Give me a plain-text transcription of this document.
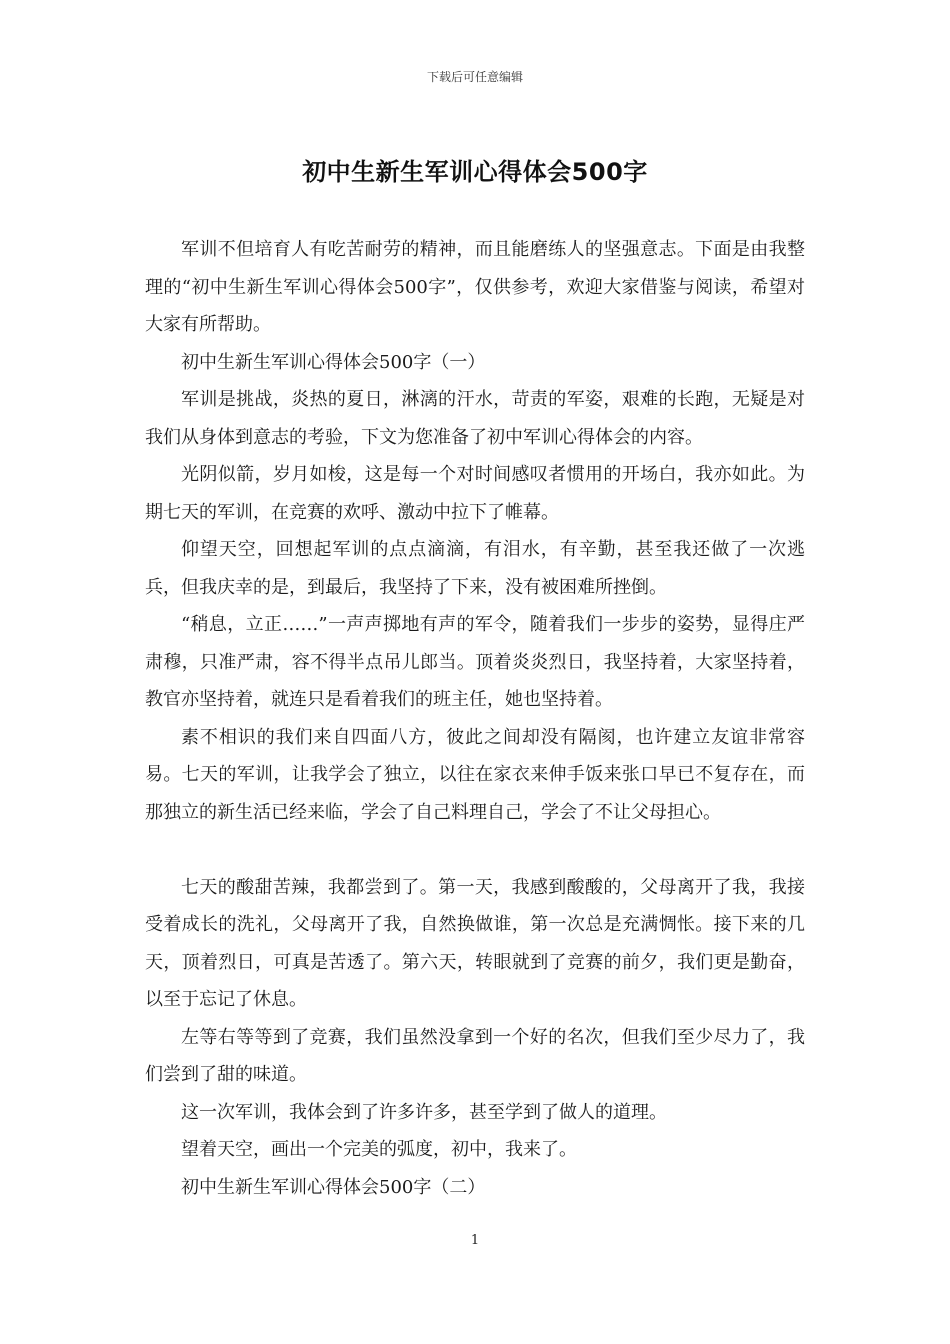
下载后可任意编辑
初中生新生军训心得体会500字

军训不但培育人有吃苦耐劳的精神，而且能磨练人的坚强意志。下面是由我整理的“初中生新生军训心得体会500字”，仅供参考，欢迎大家借鉴与阅读，希望对大家有所帮助。

初中生新生军训心得体会500字（一）

军训是挑战，炎热的夏日，淋漓的汗水，苛责的军姿，艰难的长跑，无疑是对我们从身体到意志的考验，下文为您准备了初中军训心得体会的内容。

光阴似箭，岁月如梭，这是每一个对时间感叹者惯用的开场白，我亦如此。为期七天的军训，在竞赛的欢呼、激动中拉下了帷幕。

仰望天空，回想起军训的点点滴滴，有泪水，有辛勤，甚至我还做了一次逃兵，但我庆幸的是，到最后，我坚持了下来，没有被困难所挫倒。

“稍息，立正……”一声声掷地有声的军令，随着我们一步步的姿势，显得庄严肃穆，只准严肃，容不得半点吊儿郎当。顶着炎炎烈日，我坚持着，大家坚持着，教官亦坚持着，就连只是看着我们的班主任，她也坚持着。

素不相识的我们来自四面八方，彼此之间却没有隔阂，也许建立友谊非常容易。七天的军训，让我学会了独立，以往在家衣来伸手饭来张口早已不复存在，而那独立的新生活已经来临，学会了自己料理自己，学会了不让父母担心。

七天的酸甜苦辣，我都尝到了。第一天，我感到酸酸的，父母离开了我，我接受着成长的洗礼，父母离开了我，自然换做谁，第一次总是充满惆怅。接下来的几天，顶着烈日，可真是苦透了。第六天，转眼就到了竞赛的前夕，我们更是勤奋，以至于忘记了休息。

左等右等等到了竞赛，我们虽然没拿到一个好的名次，但我们至少尽力了，我们尝到了甜的味道。

这一次军训，我体会到了许多许多，甚至学到了做人的道理。

望着天空，画出一个完美的弧度，初中，我来了。

初中生新生军训心得体会500字（二）

1
